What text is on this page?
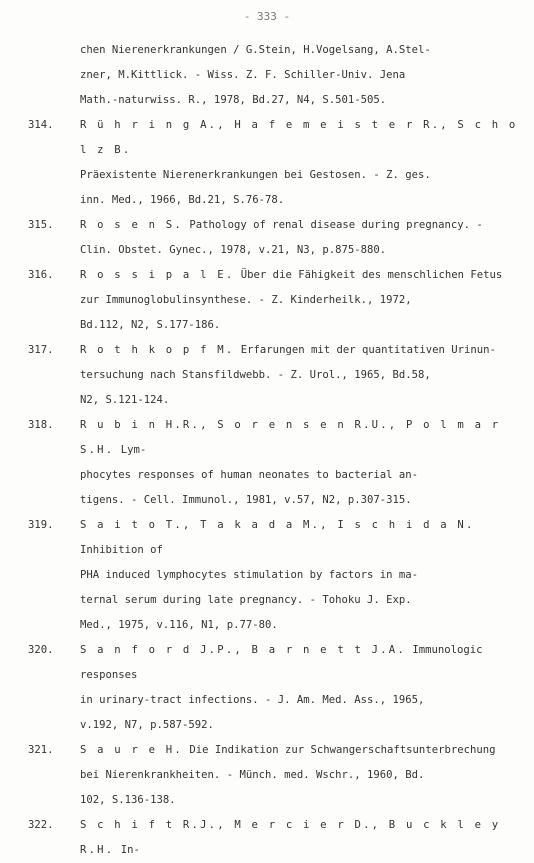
- 333 -
chen Nierenerkrankungen / G.Stein, H.Vogelsang, A.Stel-
zner, M.Kittlick. - Wiss. Z. F. Schiller-Univ. Jena
Math.-naturwiss. R., 1978, Bd.27, N4, S.501-505.
314.	R ü h r i n g A., H a f e m e i s t e r R., S c h o l z B.
Präexistente Nierenerkrankungen bei Gestosen. - Z. ges.
inn. Med., 1966, Bd.21, S.76-78.
315.	R o s e n S. Pathology of renal disease during pregnancy. -
Clin. Obstet. Gynec., 1978, v.21, N3, p.875-880.
316.	R o s s i p a l E. Über die Fähigkeit des menschlichen Fetus
zur Immunoglobulinsynthese. - Z. Kinderheilk., 1972,
Bd.112, N2, S.177-186.
317.	R o t h k o p f M. Erfarungen mit der quantitativen Urinun-
tersuchung nach Stansfildwebb. - Z. Urol., 1965, Bd.58,
N2, S.121-124.
318.	R u b i n H.R., S o r e n s e n R.U., P o l m a r S.H. Lym-
phocytes responses of human neonates to bacterial an-
tigens. - Cell. Immunol., 1981, v.57, N2, p.307-315.
319.	S a i t o T., T a k a d a M., I s c h i d a N. Inhibition of
PHA induced lymphocytes stimulation by factors in ma-
ternal serum during late pregnancy. - Tohoku J. Exp.
Med., 1975, v.116, N1, p.77-80.
320.	S a n f o r d J.P., B a r n e t t J.A. Immunologic responses
in urinary-tract infections. - J. Am. Med. Ass., 1965,
v.192, N7, p.587-592.
321.	S a u r e H. Die Indikation zur Schwangerschaftsunterbrechung
bei Nierenkrankheiten. - Münch. med. Wschr., 1960, Bd.
102, S.136-138.
322.	S c h i f t R.J., M e r c i e r D., B u c k l e y R.H. In-
